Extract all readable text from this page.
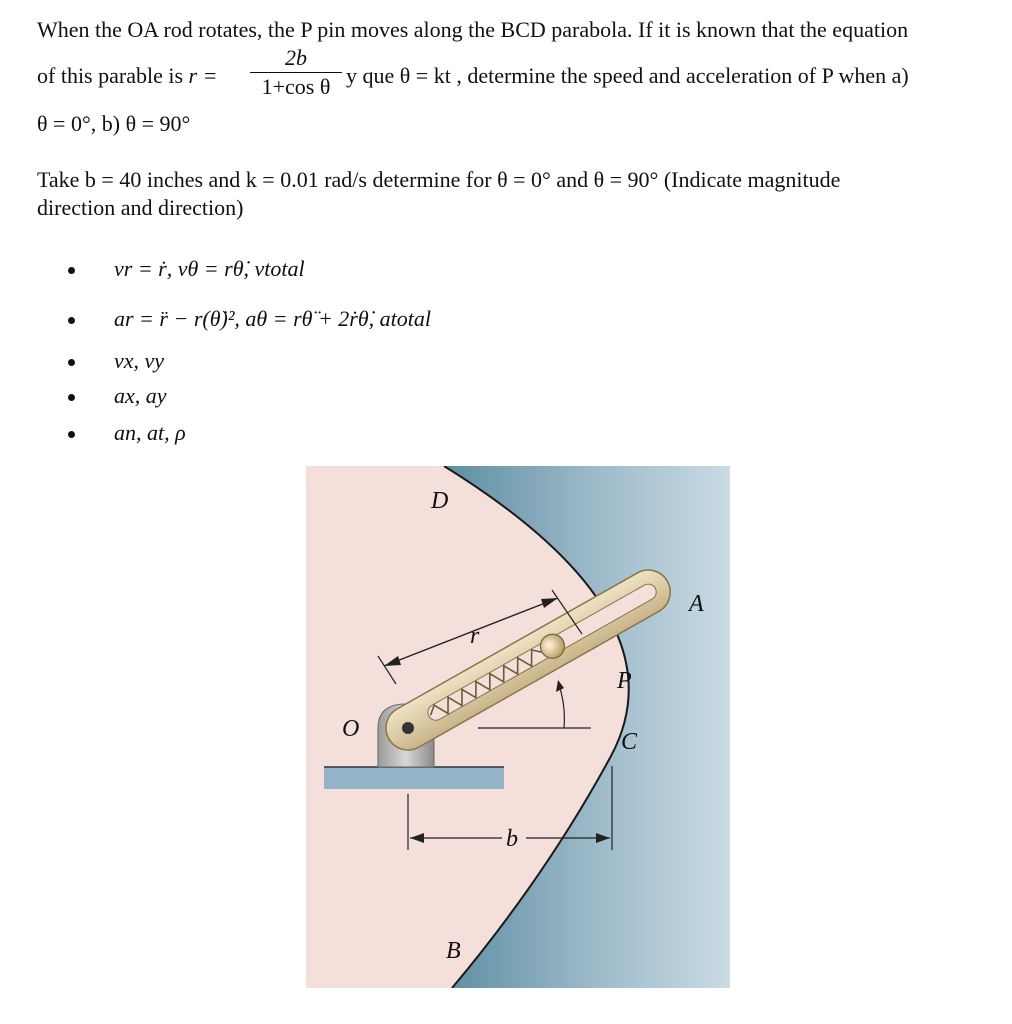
When the OA rod rotates, the P pin moves along the BCD parabola. If it is known that the equation
of this parable is r =
2b
1+cos θ y que θ = kt , determine the speed and acceleration of P when a)
θ = 0°, b) θ = 90°
Take b = 40 inches and k = 0.01 rad/s determine for θ = 0° and θ = 90° (Indicate magnitude
direction and direction)
vr = ṙ, vθ = rθ̇, vtotal
ar = r̈ − r(θ̇)², aθ = rθ̈ + 2ṙθ̇, atotal
vx, vy
ax, ay
an, at, ρ
D
A
P
C
O
B
r
b
